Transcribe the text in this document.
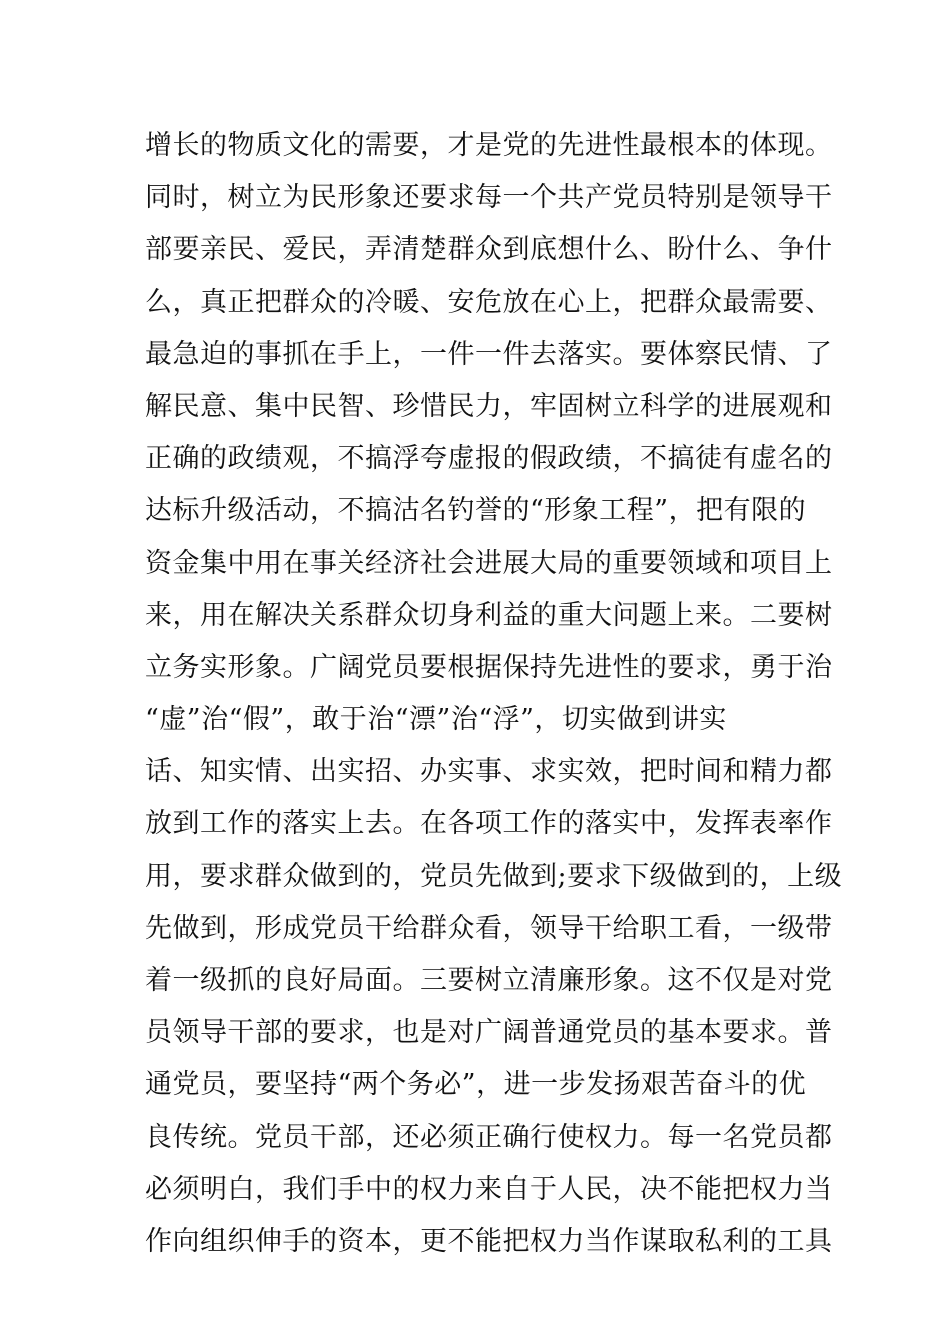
增长的物质文化的需要，才是党的先进性最根本的体现。
同时，树立为民形象还要求每一个共产党员特别是领导干
部要亲民、爱民，弄清楚群众到底想什么、盼什么、争什
么，真正把群众的冷暖、安危放在心上，把群众最需要、
最急迫的事抓在手上，一件一件去落实。要体察民情、了
解民意、集中民智、珍惜民力，牢固树立科学的进展观和
正确的政绩观，不搞浮夸虚报的假政绩，不搞徒有虚名的
达标升级活动，不搞沽名钓誉的“形象工程”，把有限的
资金集中用在事关经济社会进展大局的重要领域和项目上
来，用在解决关系群众切身利益的重大问题上来。二要树
立务实形象。广阔党员要根据保持先进性的要求，勇于治
“虚”治“假”，敢于治“漂”治“浮”，切实做到讲实
话、知实情、出实招、办实事、求实效，把时间和精力都
放到工作的落实上去。在各项工作的落实中，发挥表率作
用，要求群众做到的，党员先做到;要求下级做到的，上级
先做到，形成党员干给群众看，领导干给职工看，一级带
着一级抓的良好局面。三要树立清廉形象。这不仅是对党
员领导干部的要求，也是对广阔普通党员的基本要求。普
通党员，要坚持“两个务必”，进一步发扬艰苦奋斗的优
良传统。党员干部，还必须正确行使权力。每一名党员都
必须明白，我们手中的权力来自于人民，决不能把权力当
作向组织伸手的资本，更不能把权力当作谋取私利的工具
